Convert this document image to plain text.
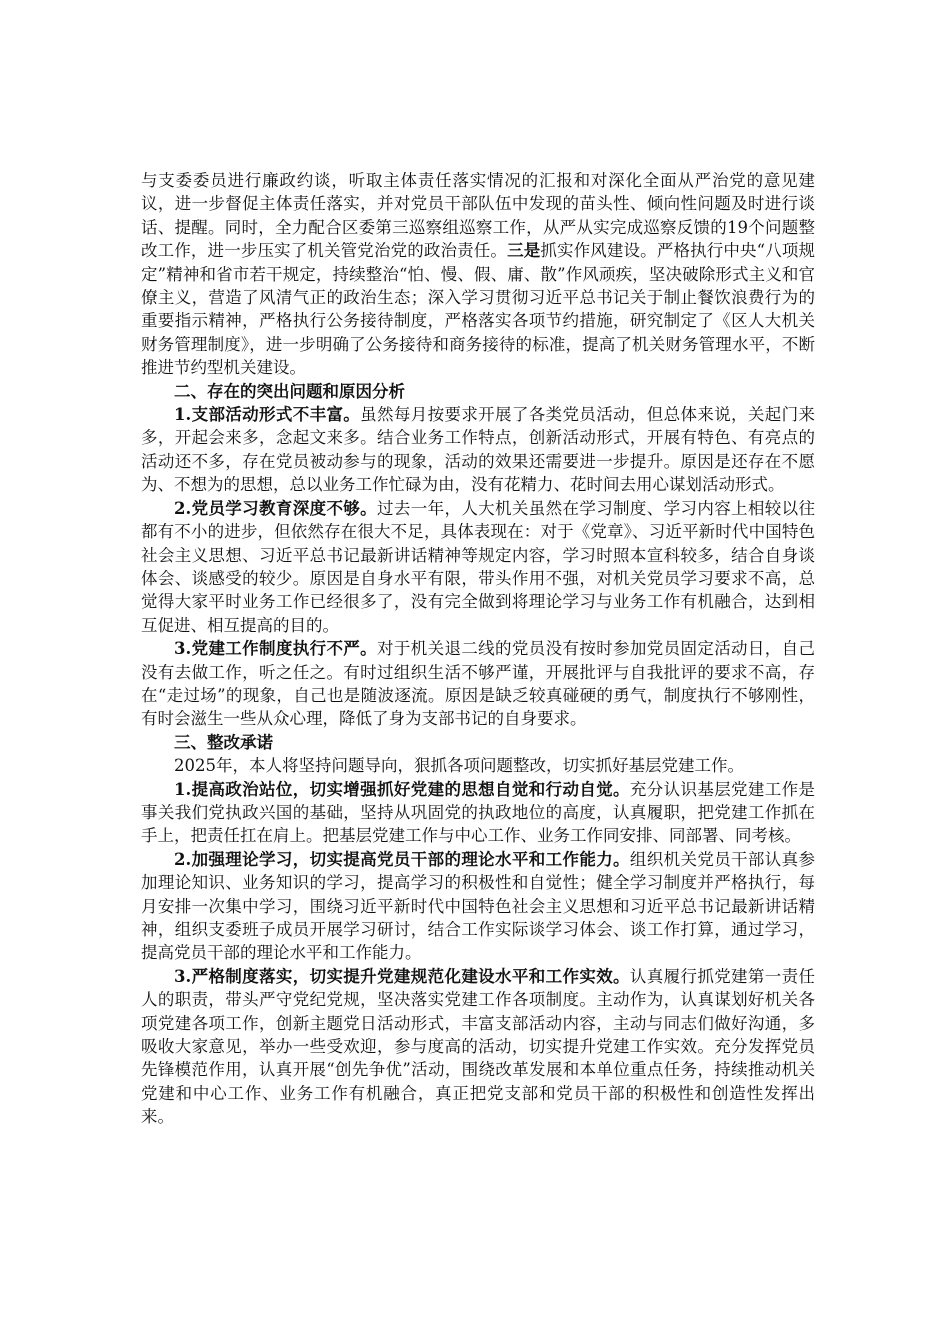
与支委委员进行廉政约谈，听取主体责任落实情况的汇报和对深化全面从严治党的意见建议，进一步督促主体责任落实，并对党员干部队伍中发现的苗头性、倾向性问题及时进行谈话、提醒。同时，全力配合区委第三巡察组巡察工作，从严从实完成巡察反馈的19个问题整改工作，进一步压实了机关管党治党的政治责任。三是抓实作风建设。严格执行中央“八项规定”精神和省市若干规定，持续整治“怕、慢、假、庸、散”作风顽疾，坚决破除形式主义和官僚主义，营造了风清气正的政治生态；深入学习贯彻习近平总书记关于制止餐饮浪费行为的重要指示精神，严格执行公务接待制度，严格落实各项节约措施，研究制定了《区人大机关财务管理制度》，进一步明确了公务接待和商务接待的标准，提高了机关财务管理水平，不断推进节约型机关建设。

二、存在的突出问题和原因分析

1.支部活动形式不丰富。虽然每月按要求开展了各类党员活动，但总体来说，关起门来多，开起会来多，念起文来多。结合业务工作特点，创新活动形式，开展有特色、有亮点的活动还不多，存在党员被动参与的现象，活动的效果还需要进一步提升。原因是还存在不愿为、不想为的思想，总以业务工作忙碌为由，没有花精力、花时间去用心谋划活动形式。

2.党员学习教育深度不够。过去一年，人大机关虽然在学习制度、学习内容上相较以往都有不小的进步，但依然存在很大不足，具体表现在：对于《党章》、习近平新时代中国特色社会主义思想、习近平总书记最新讲话精神等规定内容，学习时照本宣科较多，结合自身谈体会、谈感受的较少。原因是自身水平有限，带头作用不强，对机关党员学习要求不高，总觉得大家平时业务工作已经很多了，没有完全做到将理论学习与业务工作有机融合，达到相互促进、相互提高的目的。

3.党建工作制度执行不严。对于机关退二线的党员没有按时参加党员固定活动日，自己没有去做工作，听之任之。有时过组织生活不够严谨，开展批评与自我批评的要求不高，存在“走过场”的现象，自己也是随波逐流。原因是缺乏较真碰硬的勇气，制度执行不够刚性，有时会滋生一些从众心理，降低了身为支部书记的自身要求。

三、整改承诺

2025年，本人将坚持问题导向，狠抓各项问题整改，切实抓好基层党建工作。

1.提高政治站位，切实增强抓好党建的思想自觉和行动自觉。充分认识基层党建工作是事关我们党执政兴国的基础，坚持从巩固党的执政地位的高度，认真履职，把党建工作抓在手上，把责任扛在肩上。把基层党建工作与中心工作、业务工作同安排、同部署、同考核。

2.加强理论学习，切实提高党员干部的理论水平和工作能力。组织机关党员干部认真参加理论知识、业务知识的学习，提高学习的积极性和自觉性；健全学习制度并严格执行，每月安排一次集中学习，围绕习近平新时代中国特色社会主义思想和习近平总书记最新讲话精神，组织支委班子成员开展学习研讨，结合工作实际谈学习体会、谈工作打算，通过学习，提高党员干部的理论水平和工作能力。

3.严格制度落实，切实提升党建规范化建设水平和工作实效。认真履行抓党建第一责任人的职责，带头严守党纪党规，坚决落实党建工作各项制度。主动作为，认真谋划好机关各项党建各项工作，创新主题党日活动形式，丰富支部活动内容，主动与同志们做好沟通，多吸收大家意见，举办一些受欢迎，参与度高的活动，切实提升党建工作实效。充分发挥党员先锋模范作用，认真开展“创先争优”活动，围绕改革发展和本单位重点任务，持续推动机关党建和中心工作、业务工作有机融合，真正把党支部和党员干部的积极性和创造性发挥出来。
